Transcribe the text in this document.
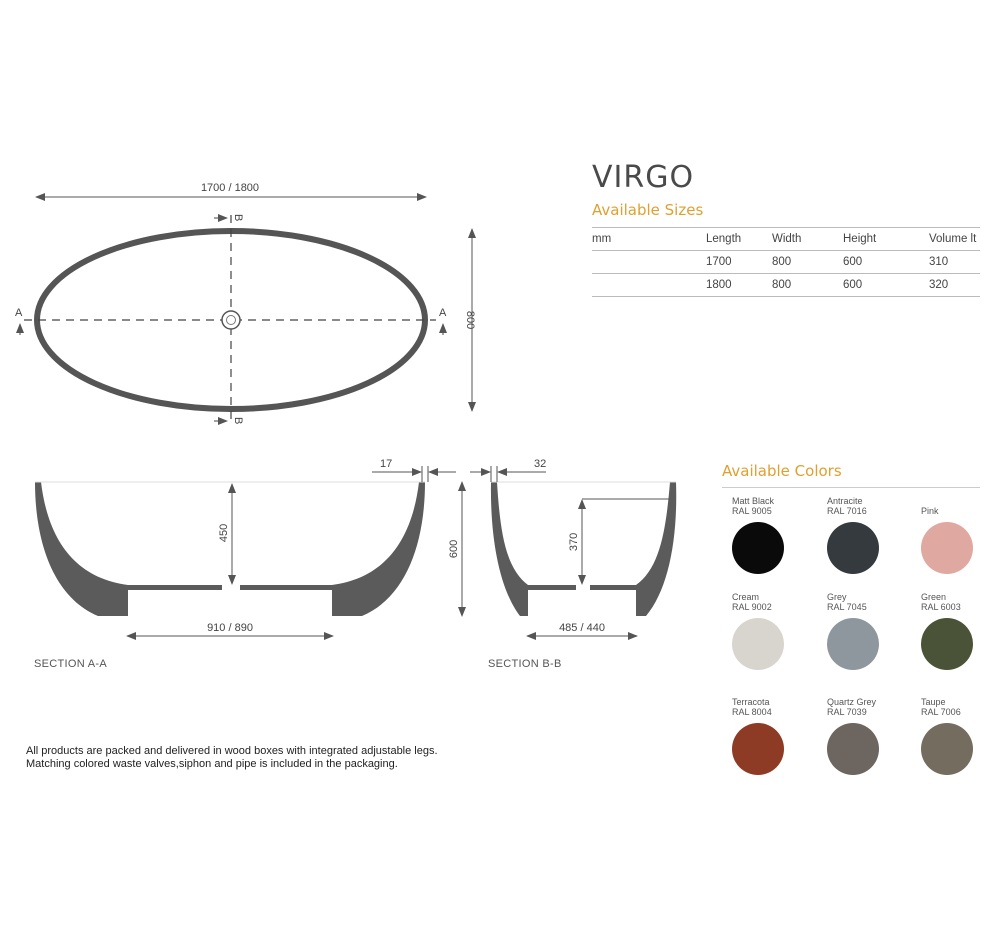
1700 / 1800
800
A	A
B
B
450
17
910 / 890
600	370
32
485 / 440
SECTION A-A	SECTION B-B
VIRGO
Available Sizes
mm	Length	Width	Height	Volume lt
	1700	800	600	310
	1800	800	600	320
Available Colors
Matt Black
RAL 9005
Antracite
RAL 7016	Pink
Cream
RAL 9002
Grey
RAL 7045
Green
RAL 6003
Terracota
RAL 8004
Quartz Grey
RAL 7039
Taupe
RAL 7006
All products are packed and delivered in wood boxes with integrated adjustable legs.
Matching colored waste valves,siphon and pipe is included in the packaging.
